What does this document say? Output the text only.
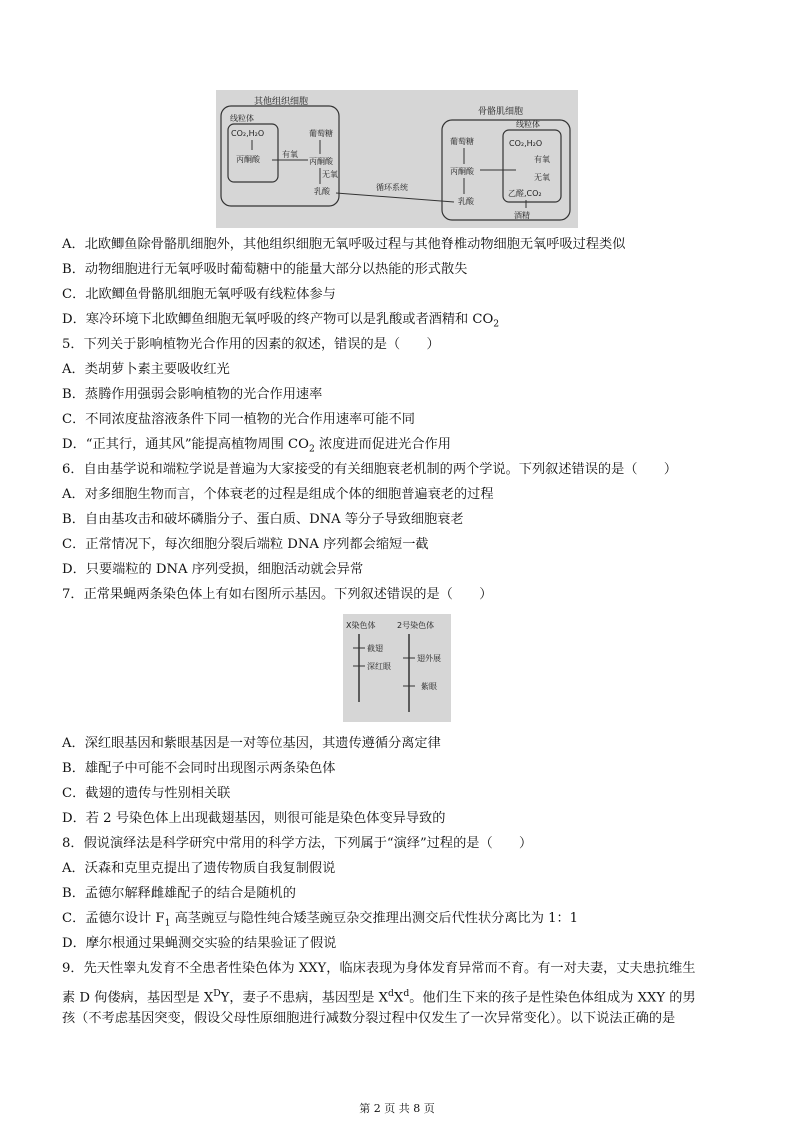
其他组织细胞
线粒体
CO₂,H₂O
丙酮酸
有氧
葡萄糖
丙酮酸
无氧
乳酸	循环系统
骨骼肌细胞
线粒体
葡萄糖
丙酮酸
乳酸
CO₂,H₂O
有氧
无氧
乙醛,CO₂
酒精
A．北欧鲫鱼除骨骼肌细胞外，其他组织细胞无氧呼吸过程与其他脊椎动物细胞无氧呼吸过程类似
B．动物细胞进行无氧呼吸时葡萄糖中的能量大部分以热能的形式散失
C．北欧鲫鱼骨骼肌细胞无氧呼吸有线粒体参与
D．寒冷环境下北欧鲫鱼细胞无氧呼吸的终产物可以是乳酸或者酒精和 $CO_2$
5．下列关于影响植物光合作用的因素的叙述，错误的是（　　）
A．类胡萝卜素主要吸收红光
B．蒸腾作用强弱会影响植物的光合作用速率
C．不同浓度盐溶液条件下同一植物的光合作用速率可能不同
D．“正其行，通其风”能提高植物周围 $CO_2$ 浓度进而促进光合作用
6．自由基学说和端粒学说是普遍为大家接受的有关细胞衰老机制的两个学说。下列叙述错误的是（　　）
A．对多细胞生物而言，个体衰老的过程是组成个体的细胞普遍衰老的过程
B．自由基攻击和破坏磷脂分子、蛋白质、DNA 等分子导致细胞衰老
C．正常情况下，每次细胞分裂后端粒 DNA 序列都会缩短一截
D．只要端粒的 DNA 序列受损，细胞活动就会异常
7．正常果蝇两条染色体上有如右图所示基因。下列叙述错误的是（　　）
X染色体	2号染色体
截翅
深红眼
翅外展
紫眼
A．深红眼基因和紫眼基因是一对等位基因，其遗传遵循分离定律
B．雄配子中可能不会同时出现图示两条染色体
C．截翅的遗传与性别相关联
D．若 2 号染色体上出现截翅基因，则很可能是染色体变异导致的
8．假说演绎法是科学研究中常用的科学方法，下列属于“演绎”过程的是（　　）
A．沃森和克里克提出了遗传物质自我复制假说
B．孟德尔解释雌雄配子的结合是随机的
C．孟德尔设计 $F_1$ 高茎豌豆与隐性纯合矮茎豌豆杂交推理出测交后代性状分离比为 1：1
D．摩尔根通过果蝇测交实验的结果验证了假说
9．先天性睾丸发育不全患者性染色体为 XXY，临床表现为身体发育异常而不育。有一对夫妻，丈夫患抗维生
素 D 佝偻病，基因型是 $X^DY$，妻子不患病，基因型是 $X^dX^d$。他们生下来的孩子是性染色体组成为 XXY 的男
孩（不考虑基因突变，假设父母性原细胞进行减数分裂过程中仅发生了一次异常变化）。以下说法正确的是
第 2 页 共 8 页
